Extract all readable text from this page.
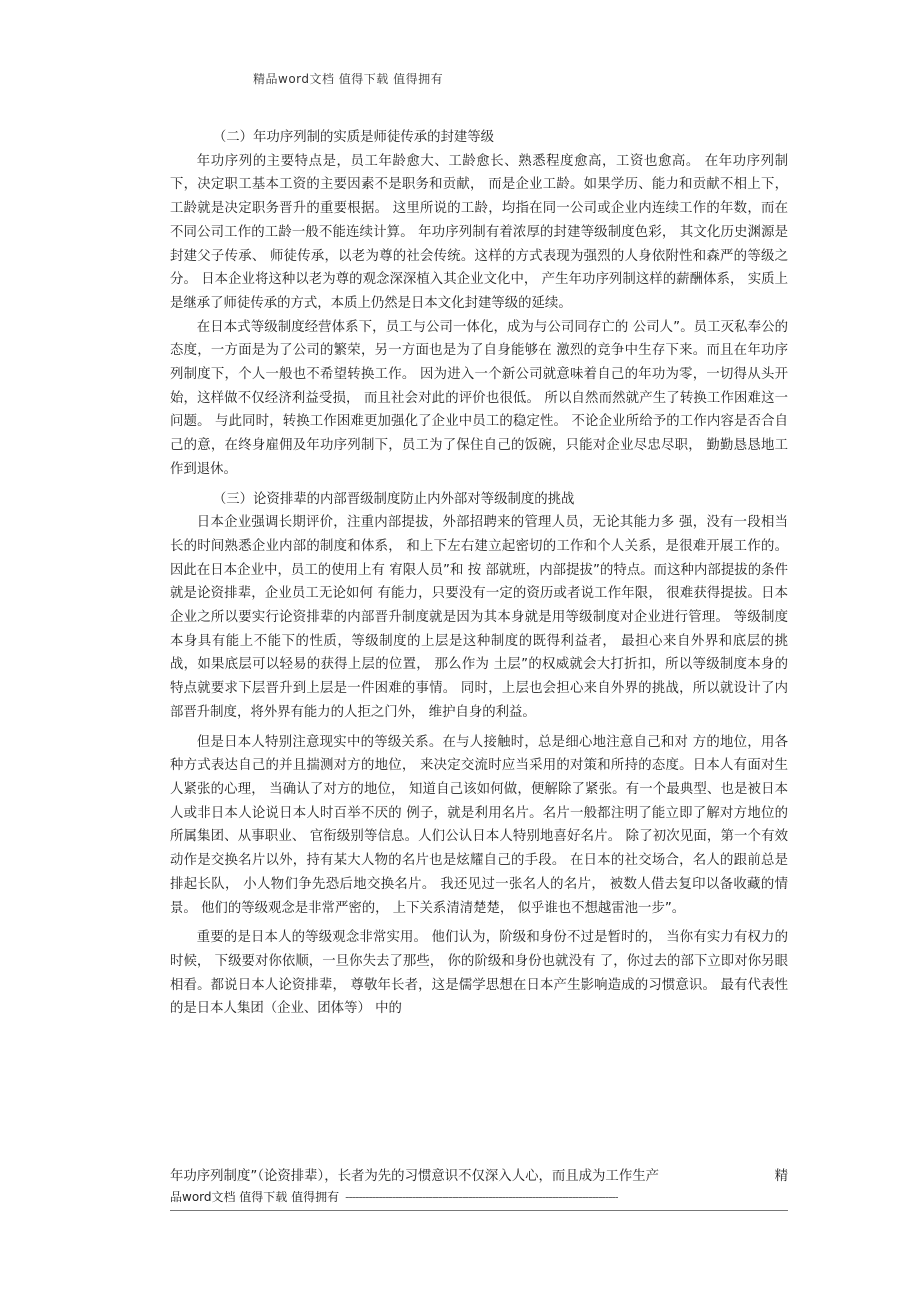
精品word文档 值得下载 值得拥有

（二）年功序列制的实质是师徒传承的封建等级

年功序列的主要特点是，员工年龄愈大、工龄愈长、熟悉程度愈高，工资也愈高。 在年功序列制下，决定职工基本工资的主要因素不是职务和贡献， 而是企业工龄。如果学历、能力和贡献不相上下，工龄就是决定职务晋升的重要根据。 这里所说的工龄，均指在同一公司或企业内连续工作的年数，而在不同公司工作的工龄一般不能连续计算。 年功序列制有着浓厚的封建等级制度色彩， 其文化历史渊源是封建父子传承、 师徒传承，以老为尊的社会传统。这样的方式表现为强烈的人身依附性和森严的等级之分。 日本企业将这种以老为尊的观念深深植入其企业文化中， 产生年功序列制这样的薪酬体系， 实质上是继承了师徒传承的方式，本质上仍然是日本文化封建等级的延续。

在日本式等级制度经营体系下，员工与公司一体化，成为与公司同存亡的 公司人”。员工灭私奉公的态度，一方面是为了公司的繁荣，另一方面也是为了自身能够在 激烈的竞争中生存下来。而且在年功序列制度下，个人一般也不希望转换工作。 因为进入一个新公司就意味着自己的年功为零，一切得从头开始，这样做不仅经济利益受损， 而且社会对此的评价也很低。 所以自然而然就产生了转换工作困难这一问题。 与此同时，转换工作困难更加强化了企业中员工的稳定性。 不论企业所给予的工作内容是否合自己的意，在终身雇佣及年功序列制下，员工为了保住自己的饭碗，只能对企业尽忠尽职， 勤勤恳恳地工作到退休。

（三）论资排辈的内部晋级制度防止内外部对等级制度的挑战

日本企业强调长期评价，注重内部提拔，外部招聘来的管理人员，无论其能力多 强，没有一段相当长的时间熟悉企业内部的制度和体系， 和上下左右建立起密切的工作和个人关系，是很难开展工作的。因此在日本企业中，员工的使用上有 宥限人员”和 按 部就班，内部提拔”的特点。而这种内部提拔的条件就是论资排辈，企业员工无论如何 有能力，只要没有一定的资历或者说工作年限， 很难获得提拔。日本企业之所以要实行论资排辈的内部晋升制度就是因为其本身就是用等级制度对企业进行管理。 等级制度本身具有能上不能下的性质，等级制度的上层是这种制度的既得利益者， 最担心来自外界和底层的挑战，如果底层可以轻易的获得上层的位置， 那么作为 土层”的权威就会大打折扣，所以等级制度本身的特点就要求下层晋升到上层是一件困难的事情。 同时，上层也会担心来自外界的挑战，所以就设计了内部晋升制度，将外界有能力的人拒之门外， 维护自身的利益。

但是日本人特别注意现实中的等级关系。在与人接触时，总是细心地注意自己和对 方的地位，用各种方式表达自己的并且揣测对方的地位， 来决定交流时应当采用的对策和所持的态度。日本人有面对生人紧张的心理， 当确认了对方的地位， 知道自己该如何做，便解除了紧张。有一个最典型、也是被日本人或非日本人论说日本人时百举不厌的 例子，就是利用名片。名片一般都注明了能立即了解对方地位的所属集团、从事职业、 官衔级别等信息。人们公认日本人特别地喜好名片。 除了初次见面，第一个有效动作是交换名片以外，持有某大人物的名片也是炫耀自己的手段。 在日本的社交场合，名人的跟前总是排起长队， 小人物们争先恐后地交换名片。 我还见过一张名人的名片， 被数人借去复印以备收藏的情景。 他们的等级观念是非常严密的， 上下关系清清楚楚， 似乎谁也不想越雷池一步”。

重要的是日本人的等级观念非常实用。 他们认为，阶级和身份不过是暂时的， 当你有实力有权力的时候， 下级要对你依顺，一旦你失去了那些， 你的阶级和身份也就没有 了，你过去的部下立即对你另眼相看。都说日本人论资排辈， 尊敬年长者，这是儒学思想在日本产生影响造成的习惯意识。 最有代表性的是日本人集团（企业、团体等） 中的

年功序列制度”（论资排辈），长者为先的习惯意识不仅深入人心，而且成为工作生产	精
品word文档 值得下载 值得拥有 ----------------------------------------------------------------------------------
